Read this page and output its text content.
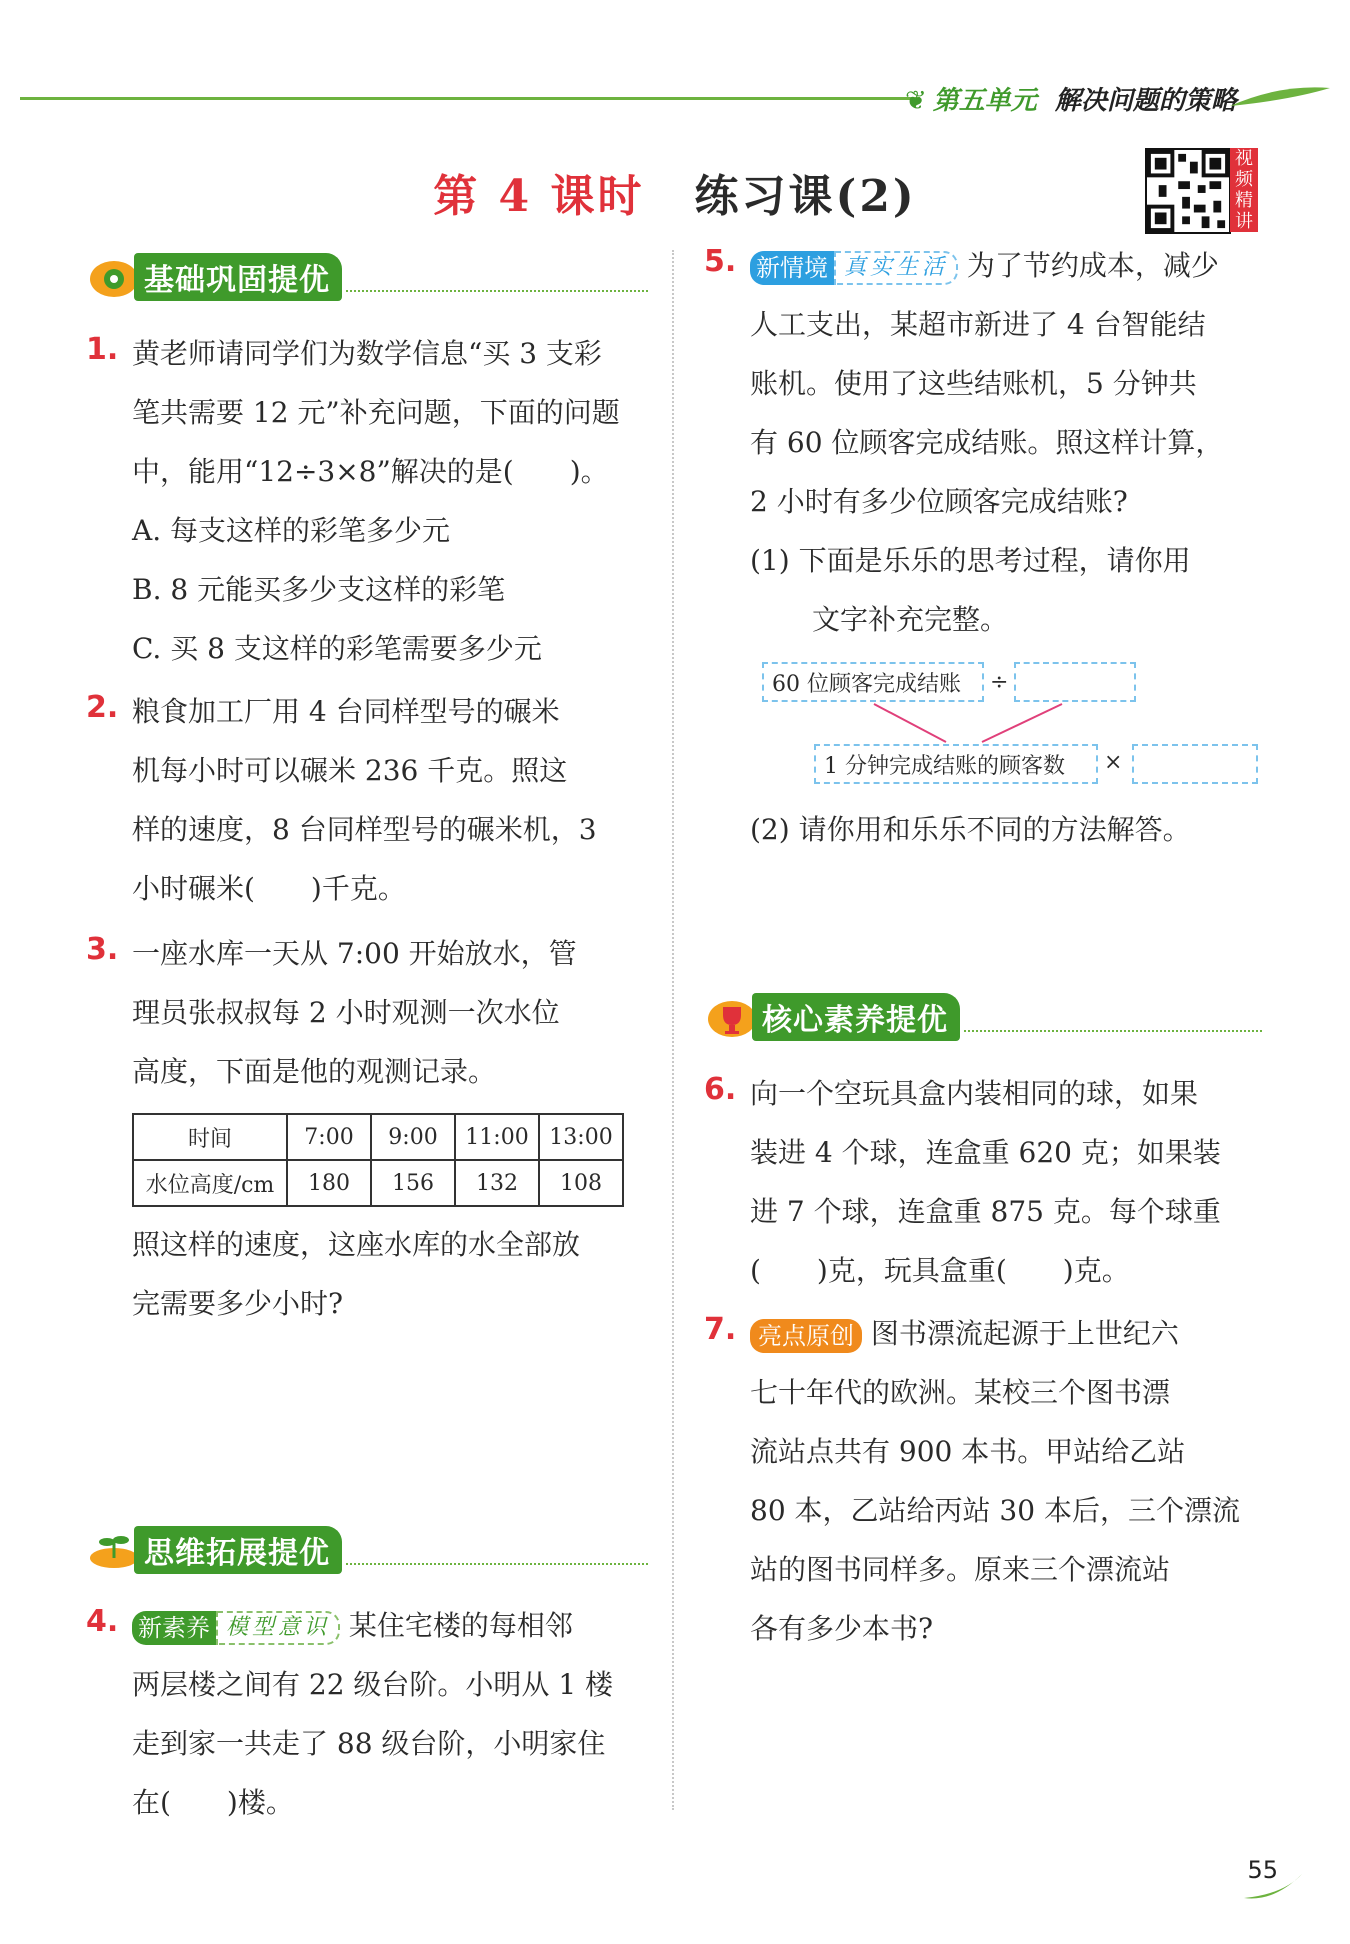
❦ 第五单元 解决问题的策略
第 4 课时 练习课(2)
视频精讲
基础巩固提优
1. 黄老师请同学们为数学信息“买 3 支彩
笔共需要 12 元”补充问题，下面的问题
中，能用“12÷3×8”解决的是(　　)。
A. 每支这样的彩笔多少元
B. 8 元能买多少支这样的彩笔
C. 买 8 支这样的彩笔需要多少元
2. 粮食加工厂用 4 台同样型号的碾米
机每小时可以碾米 236 千克。照这
样的速度，8 台同样型号的碾米机，3
小时碾米(　　)千克。
3. 一座水库一天从 7:00 开始放水，管
理员张叔叔每 2 小时观测一次水位
高度，下面是他的观测记录。
时间	7:00	9:00	11:00	13:00
水位高度/cm	180	156	132	108
照这样的速度，这座水库的水全部放
完需要多少小时?
思维拓展提优
4. 新素养 模型意识 某住宅楼的每相邻
两层楼之间有 22 级台阶。小明从 1 楼
走到家一共走了 88 级台阶，小明家住
在(　　)楼。
5. 新情境 真实生活 为了节约成本，减少
人工支出，某超市新进了 4 台智能结
账机。使用了这些结账机，5 分钟共
有 60 位顾客完成结账。照这样计算，
2 小时有多少位顾客完成结账?
(1) 下面是乐乐的思考过程，请你用
文字补充完整。
60 位顾客完成结账	÷
1 分钟完成结账的顾客数	×
(2) 请你用和乐乐不同的方法解答。
核心素养提优
6. 向一个空玩具盒内装相同的球，如果
装进 4 个球，连盒重 620 克；如果装
进 7 个球，连盒重 875 克。每个球重
(　　)克，玩具盒重(　　)克。
7. 亮点原创 图书漂流起源于上世纪六
七十年代的欧洲。某校三个图书漂
流站点共有 900 本书。甲站给乙站
80 本，乙站给丙站 30 本后，三个漂流
站的图书同样多。原来三个漂流站
各有多少本书?
55
